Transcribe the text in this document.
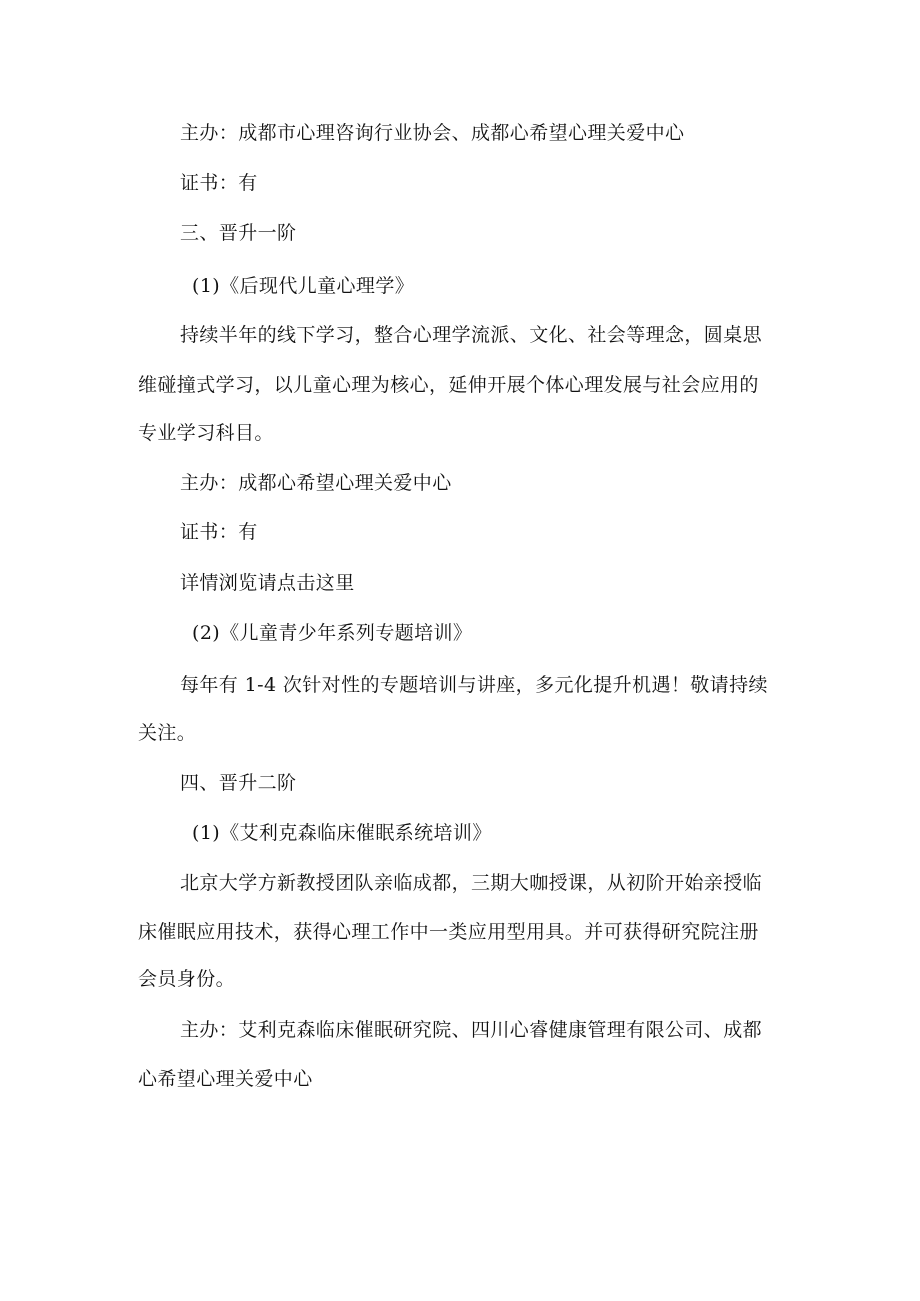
主办：成都市心理咨询行业协会、成都心希望心理关爱中心
证书：有
三、晋升一阶
(1)《后现代儿童心理学》
持续半年的线下学习，整合心理学流派、文化、社会等理念，圆桌思
维碰撞式学习，以儿童心理为核心，延伸开展个体心理发展与社会应用的
专业学习科目。
主办：成都心希望心理关爱中心
证书：有
详情浏览请点击这里
(2)《儿童青少年系列专题培训》
每年有 1-4 次针对性的专题培训与讲座，多元化提升机遇！敬请持续
关注。
四、晋升二阶
(1)《艾利克森临床催眠系统培训》
北京大学方新教授团队亲临成都，三期大咖授课，从初阶开始亲授临
床催眠应用技术，获得心理工作中一类应用型用具。并可获得研究院注册
会员身份。
主办：艾利克森临床催眠研究院、四川心睿健康管理有限公司、成都
心希望心理关爱中心
